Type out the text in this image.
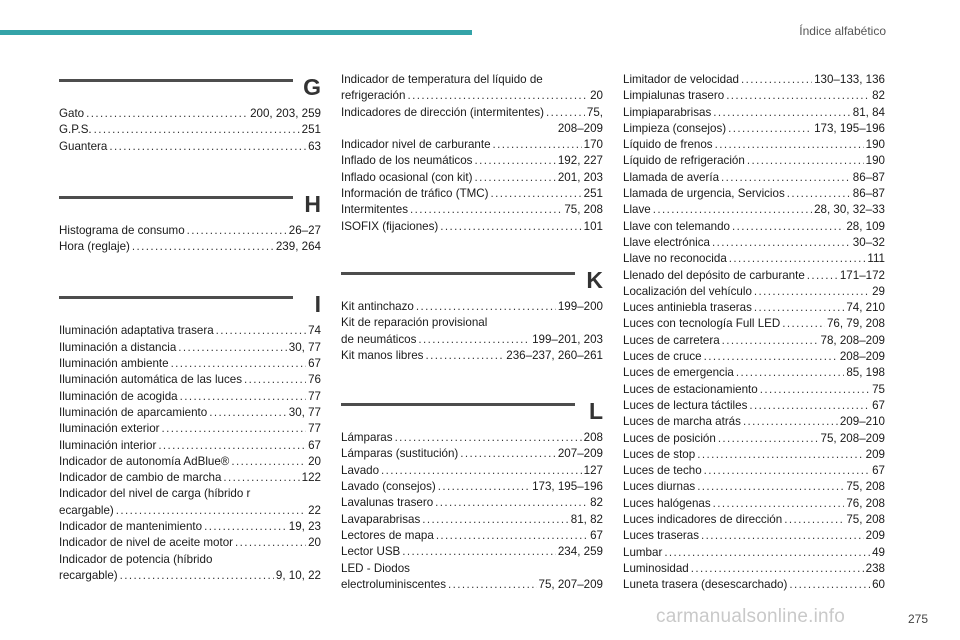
Índice alfabético
G
Gato .....	200, 203, 259
G.P.S. .....	251
Guantera .....	63
H
Histograma de consumo .....	26–27
Hora (reglaje) .....	239, 264
I
Iluminación adaptativa trasera .....	74
Iluminación a distancia .....	30, 77
Iluminación ambiente .....	67
Iluminación automática de las luces .....	76
Iluminación de acogida .....	77
Iluminación de aparcamiento .....	30, 77
Iluminación exterior .....	77
Iluminación interior .....	67
Indicador de autonomía AdBlue® .....	20
Indicador de cambio de marcha .....	122
Indicador del nivel de carga (híbrido r
ecargable) .....	22
Indicador de mantenimiento .....	19, 23
Indicador de nivel de aceite motor .....	20
Indicador de potencia (híbrido
recargable) .....	9, 10, 22
Indicador de temperatura del líquido de
refrigeración .....	20
Indicadores de dirección (intermitentes) .....	75,
208–209
Indicador nivel de carburante .....	170
Inflado de los neumáticos .....	192, 227
Inflado ocasional (con kit) .....	201, 203
Información de tráfico (TMC) .....	251
Intermitentes .....	75, 208
ISOFIX (fijaciones) .....	101
K
Kit antinchazo .....	199–200
Kit de reparación provisional
de neumáticos .....	199–201, 203
Kit manos libres .....	236–237, 260–261
L
Lámparas .....	208
Lámparas (sustitución) .....	207–209
Lavado .....	127
Lavado (consejos) .....	173, 195–196
Lavalunas trasero .....	82
Lavaparabrisas .....	81, 82
Lectores de mapa .....	67
Lector USB .....	234, 259
LED - Diodos
electroluminiscentes .....	75, 207–209
Limitador de velocidad .....	130–133, 136
Limpialunas trasero .....	82
Limpiaparabrisas .....	81, 84
Limpieza (consejos) .....	173, 195–196
Líquido de frenos .....	190
Líquido de refrigeración .....	190
Llamada de avería .....	86–87
Llamada de urgencia, Servicios .....	86–87
Llave .....	28, 30, 32–33
Llave con telemando .....	28, 109
Llave electrónica .....	30–32
Llave no reconocida .....	111
Llenado del depósito de carburante .....	171–172
Localización del vehículo .....	29
Luces antiniebla traseras .....	74, 210
Luces con tecnología Full LED .....	76, 79, 208
Luces de carretera .....	78, 208–209
Luces de cruce .....	208–209
Luces de emergencia .....	85, 198
Luces de estacionamiento .....	75
Luces de lectura táctiles .....	67
Luces de marcha atrás .....	209–210
Luces de posición .....	75, 208–209
Luces de stop .....	209
Luces de techo .....	67
Luces diurnas .....	75, 208
Luces halógenas .....	76, 208
Luces indicadores de dirección .....	75, 208
Luces traseras .....	209
Lumbar .....	49
Luminosidad .....	238
Luneta trasera (desescarchado) .....	60
carmanualsonline.info	275
